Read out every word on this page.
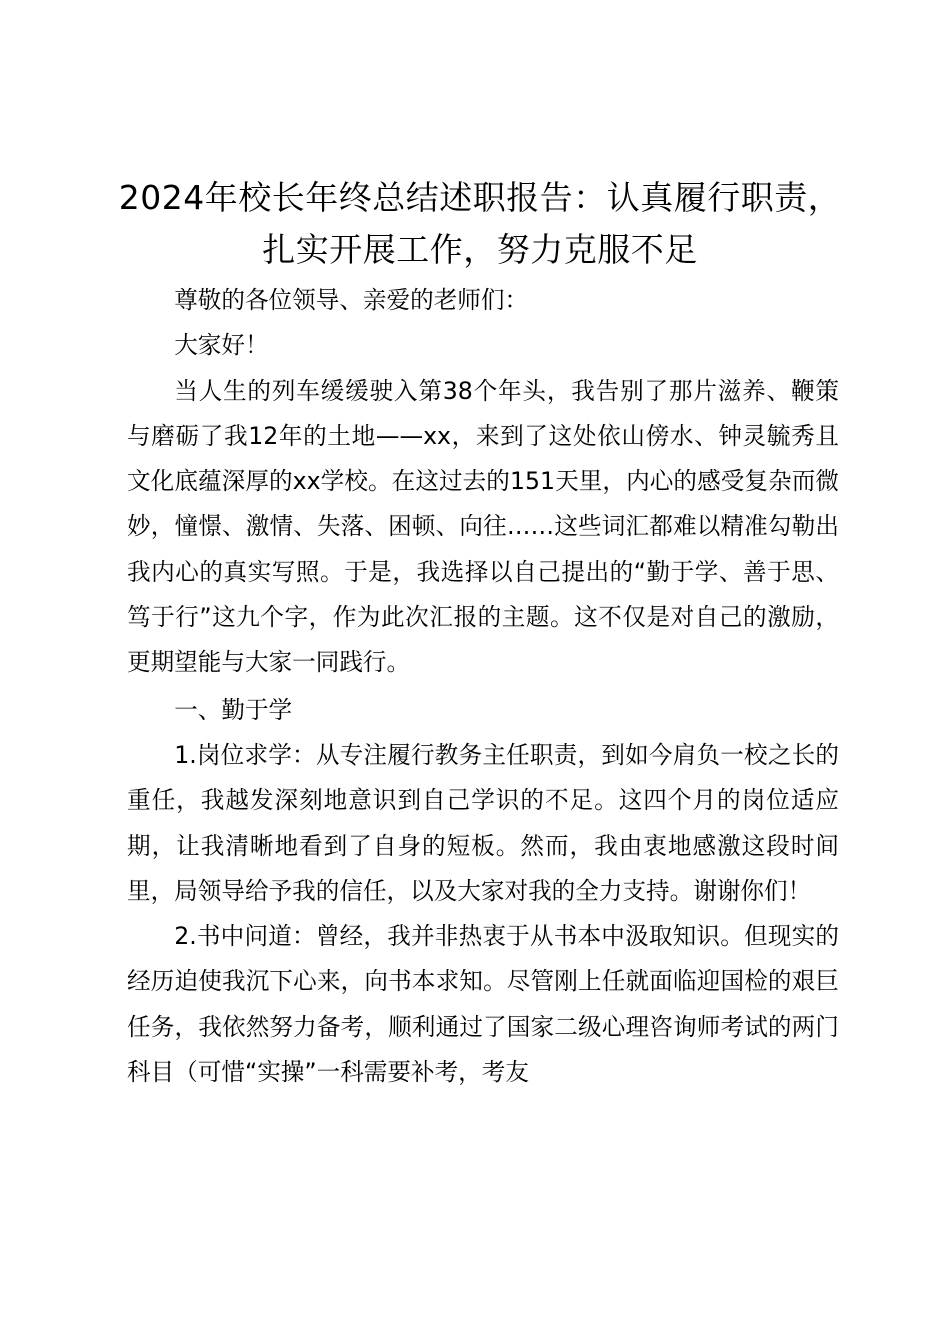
2024年校长年终总结述职报告：认真履行职责，扎实开展工作，努力克服不足

尊敬的各位领导、亲爱的老师们：

大家好！

当人生的列车缓缓驶入第38个年头，我告别了那片滋养、鞭策与磨砺了我12年的土地——xx，来到了这处依山傍水、钟灵毓秀且文化底蕴深厚的xx学校。在这过去的151天里，内心的感受复杂而微妙，憧憬、激情、失落、困顿、向往……这些词汇都难以精准勾勒出我内心的真实写照。于是，我选择以自己提出的“勤于学、善于思、笃于行”这九个字，作为此次汇报的主题。这不仅是对自己的激励，更期望能与大家一同践行。

一、勤于学

1.岗位求学：从专注履行教务主任职责，到如今肩负一校之长的重任，我越发深刻地意识到自己学识的不足。这四个月的岗位适应期，让我清晰地看到了自身的短板。然而，我由衷地感激这段时间里，局领导给予我的信任，以及大家对我的全力支持。谢谢你们！

2.书中问道：曾经，我并非热衷于从书本中汲取知识。但现实的经历迫使我沉下心来，向书本求知。尽管刚上任就面临迎国检的艰巨任务，我依然努力备考，顺利通过了国家二级心理咨询师考试的两门科目（可惜“实操”一科需要补考，考友
